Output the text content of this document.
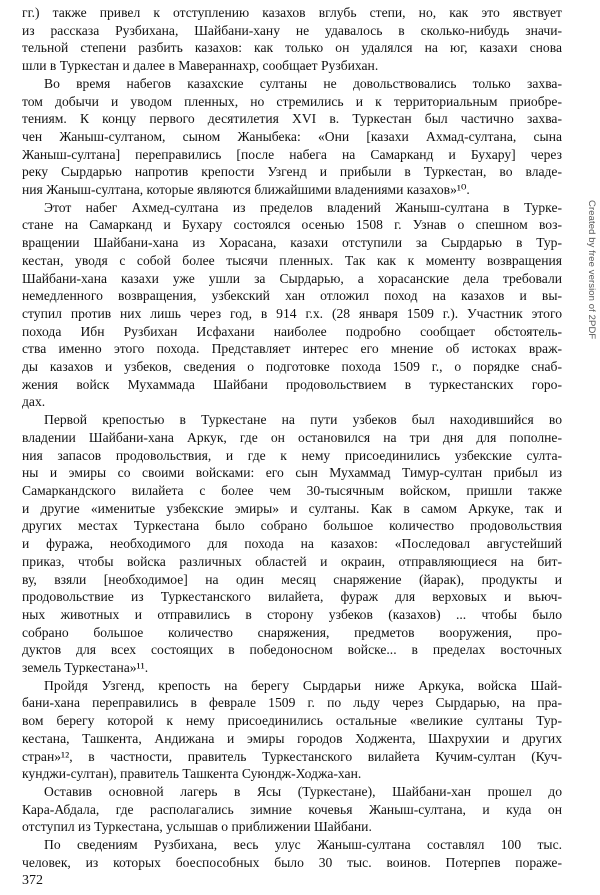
гг.) также привел к отступлению казахов вглубь степи, но, как это явствует
из рассказа Рузбихана, Шайбани-хану не удавалось в сколько-нибудь значи-
тельной степени разбить казахов: как только он удалялся на юг, казахи снова
шли в Туркестан и далее в Мавераннахр, сообщает Рузбихан.
Во время набегов казахские султаны не довольствовались только захва-
том добычи и уводом пленных, но стремились и к территориальным приобре-
тениям. К концу первого десятилетия XVI в. Туркестан был частично захва-
чен Жаныш-султаном, сыном Жаныбека: «Они [казахи Ахмад-султана, сына
Жаныш-султана] переправились [после набега на Самарканд и Бухару] через
реку Сырдарью напротив крепости Узгенд и прибыли в Туркестан, во владе-
ния Жаныш-султана, которые являются ближайшими владениями казахов»¹⁰.
Этот набег Ахмед-султана из пределов владений Жаныш-султана в Турке-
стане на Самарканд и Бухару состоялся осенью 1508 г. Узнав о спешном воз-
вращении Шайбани-хана из Хорасана, казахи отступили за Сырдарью в Тур-
кестан, уводя с собой более тысячи пленных. Так как к моменту возвращения
Шайбани-хана казахи уже ушли за Сырдарью, а хорасанские дела требовали
немедленного возвращения, узбекский хан отложил поход на казахов и вы-
ступил против них лишь через год, в 914 г.х. (28 января 1509 г.). Участник этого
похода Ибн Рузбихан Исфахани наиболее подробно сообщает обстоятель-
ства именно этого похода. Представляет интерес его мнение об истоках враж-
ды казахов и узбеков, сведения о подготовке похода 1509 г., о порядке снаб-
жения войск Мухаммада Шайбани продовольствием в туркестанских горо-
дах.
Первой крепостью в Туркестане на пути узбеков был находившийся во
владении Шайбани-хана Аркук, где он остановился на три дня для пополне-
ния запасов продовольствия, и где к нему присоединились узбекские султа-
ны и эмиры со своими войсками: его сын Мухаммад Тимур-султан прибыл из
Самаркандского вилайета с более чем 30-тысячным войском, пришли также
и другие «именитые узбекские эмиры» и султаны. Как в самом Аркуке, так и
других местах Туркестана было собрано большое количество продовольствия
и фуража, необходимого для похода на казахов: «Последовал августейший
приказ, чтобы войска различных областей и окраин, отправляющиеся на бит-
ву, взяли [необходимое] на один месяц снаряжение (йарак), продукты и
продовольствие из Туркестанского вилайета, фураж для верховых и вьюч-
ных животных и отправились в сторону узбеков (казахов) ... чтобы было
собрано большое количество снаряжения, предметов вооружения, про-
дуктов для всех состоящих в победоносном войске... в пределах восточных
земель Туркестана»¹¹.
Пройдя Узгенд, крепость на берегу Сырдарьи ниже Аркука, войска Шай-
бани-хана переправились в феврале 1509 г. по льду через Сырдарью, на пра-
вом берегу которой к нему присоединились остальные «великие султаны Тур-
кестана, Ташкента, Андижана и эмиры городов Ходжента, Шахрухии и других
стран»¹², в частности, правитель Туркестанского вилайета Кучим-султан (Куч-
кунджи-султан), правитель Ташкента Суюндж-Ходжа-хан.
Оставив основной лагерь в Ясы (Туркестане), Шайбани-хан прошел до
Кара-Абдала, где располагались зимние кочевья Жаныш-султана, и куда он
отступил из Туркестана, услышав о приближении Шайбани.
По сведениям Рузбихана, весь улус Жаныш-султана составлял 100 тыс.
человек, из которых боеспособных было 30 тыс. воинов. Потерпев пораже-
372
Created by free version of 2PDF
